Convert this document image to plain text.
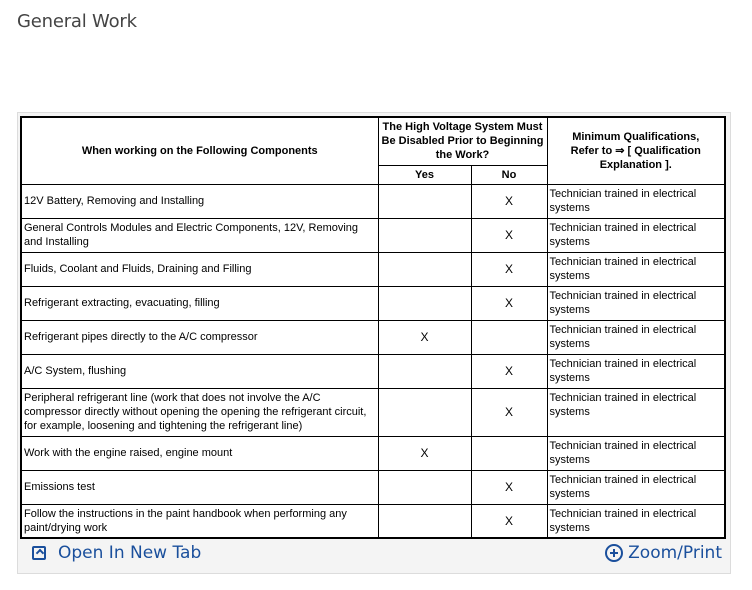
General Work
When working on the Following Components	The High Voltage System Must Be Disabled Prior to Beginning the Work?		Minimum Qualifications, Refer to ⇒ [ Qualification Explanation ].
	Yes	No	
12V Battery, Removing and Installing		X	Technician trained in electrical systems
General Controls Modules and Electric Components, 12V, Removing and Installing		X	Technician trained in electrical systems
Fluids, Coolant and Fluids, Draining and Filling		X	Technician trained in electrical systems
Refrigerant extracting, evacuating, filling		X	Technician trained in electrical systems
Refrigerant pipes directly to the A/C compressor	X		Technician trained in electrical systems
A/C System, flushing		X	Technician trained in electrical systems
Peripheral refrigerant line (work that does not involve the A/C compressor directly without opening the opening the refrigerant circuit, for example, loosening and tightening the refrigerant line)		X	Technician trained in electrical systems
Work with the engine raised, engine mount	X		Technician trained in electrical systems
Emissions test		X	Technician trained in electrical systems
Follow the instructions in the paint handbook when performing any paint/drying work		X	Technician trained in electrical systems
Open In New Tab	Zoom/Print
